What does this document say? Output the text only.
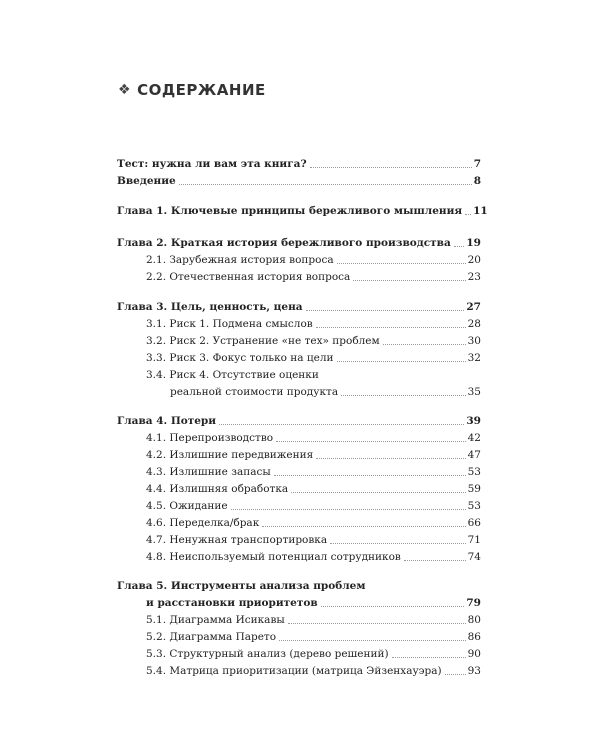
❖ СОДЕРЖАНИЕ
Тест: нужна ли вам эта книга?	7
Введение	8
Глава 1. Ключевые принципы бережливого мышления 11
Глава 2. Краткая история бережливого производства 19
2.1. Зарубежная история вопроса	20
2.2. Отечественная история вопроса	23
Глава 3. Цель, ценность, цена	27
3.1. Риск 1. Подмена смыслов	28
3.2. Риск 2. Устранение «не тех» проблем	30
3.3. Риск 3. Фокус только на цели	32
3.4. Риск 4. Отсутствие оценки
реальной стоимости продукта	35
Глава 4. Потери	39
4.1. Перепроизводство	42
4.2. Излишние передвижения	47
4.3. Излишние запасы	53
4.4. Излишняя обработка	59
4.5. Ожидание	53
4.6. Переделка/брак	66
4.7. Ненужная транспортировка	71
4.8. Неиспользуемый потенциал сотрудников	74
Глава 5. Инструменты анализа проблем
и расстановки приоритетов	79
5.1. Диаграмма Исикавы	80
5.2. Диаграмма Парето	86
5.3. Структурный анализ (дерево решений)	90
5.4. Матрица приоритизации (матрица Эйзенхауэра) 93
